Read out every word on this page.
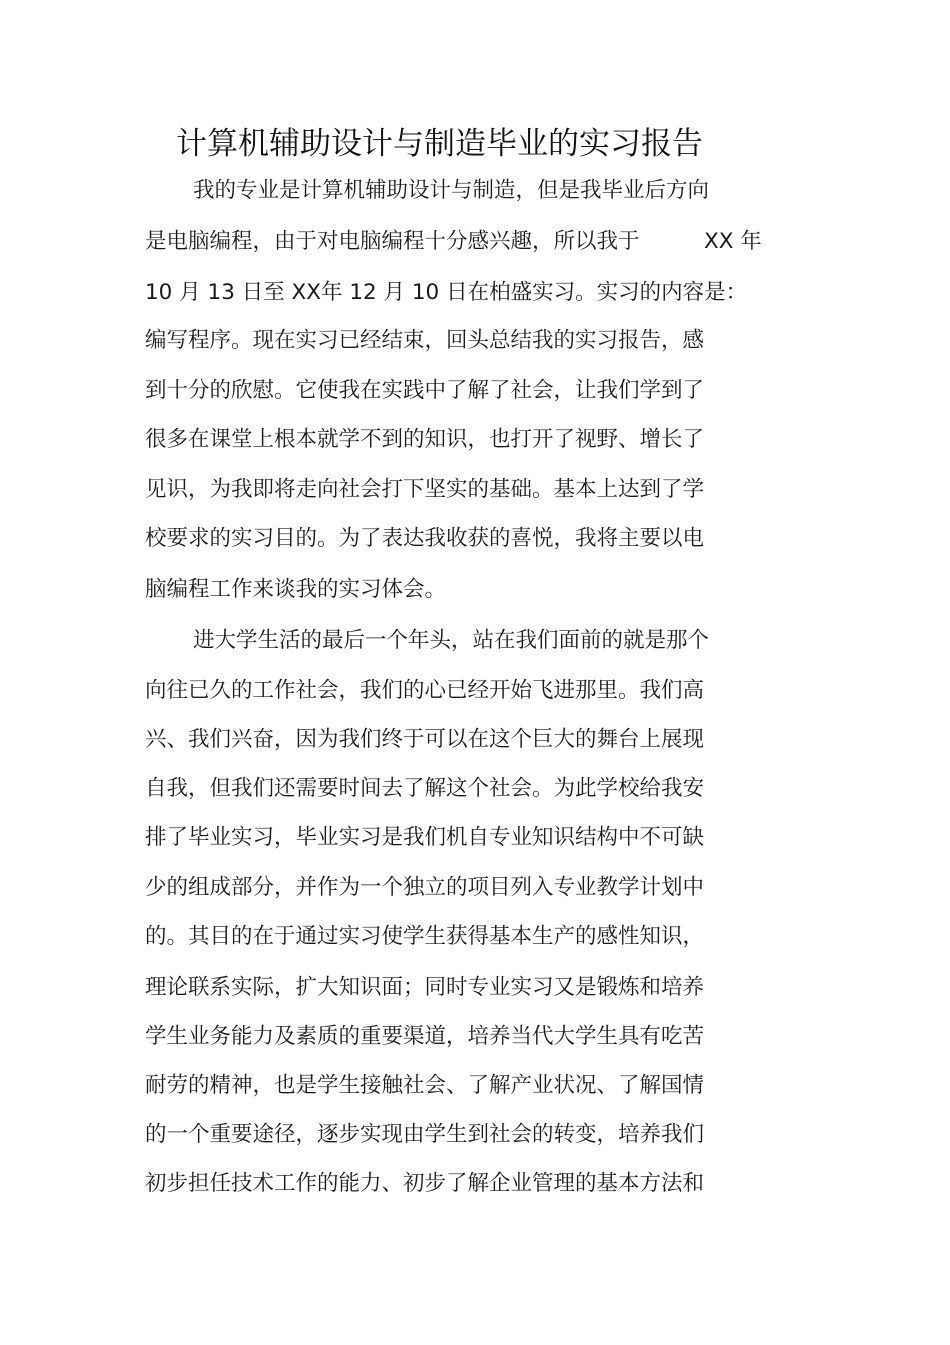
计算机辅助设计与制造毕业的实习报告
我的专业是计算机辅助设计与制造，但是我毕业后方向
是电脑编程，由于对电脑编程十分感兴趣，所以我于　　　XX 年
10 月 13 日至 XX年 12 月 10 日在柏盛实习。实习的内容是：
编写程序。现在实习已经结束，回头总结我的实习报告，感
到十分的欣慰。它使我在实践中了解了社会，让我们学到了
很多在课堂上根本就学不到的知识，也打开了视野、增长了
见识，为我即将走向社会打下坚实的基础。基本上达到了学
校要求的实习目的。为了表达我收获的喜悦，我将主要以电
脑编程工作来谈我的实习体会。
进大学生活的最后一个年头，站在我们面前的就是那个
向往已久的工作社会，我们的心已经开始飞进那里。我们高
兴、我们兴奋，因为我们终于可以在这个巨大的舞台上展现
自我，但我们还需要时间去了解这个社会。为此学校给我安
排了毕业实习，毕业实习是我们机自专业知识结构中不可缺
少的组成部分，并作为一个独立的项目列入专业教学计划中
的。其目的在于通过实习使学生获得基本生产的感性知识，
理论联系实际，扩大知识面；同时专业实习又是锻炼和培养
学生业务能力及素质的重要渠道，培养当代大学生具有吃苦
耐劳的精神，也是学生接触社会、了解产业状况、了解国情
的一个重要途径，逐步实现由学生到社会的转变，培养我们
初步担任技术工作的能力、初步了解企业管理的基本方法和
